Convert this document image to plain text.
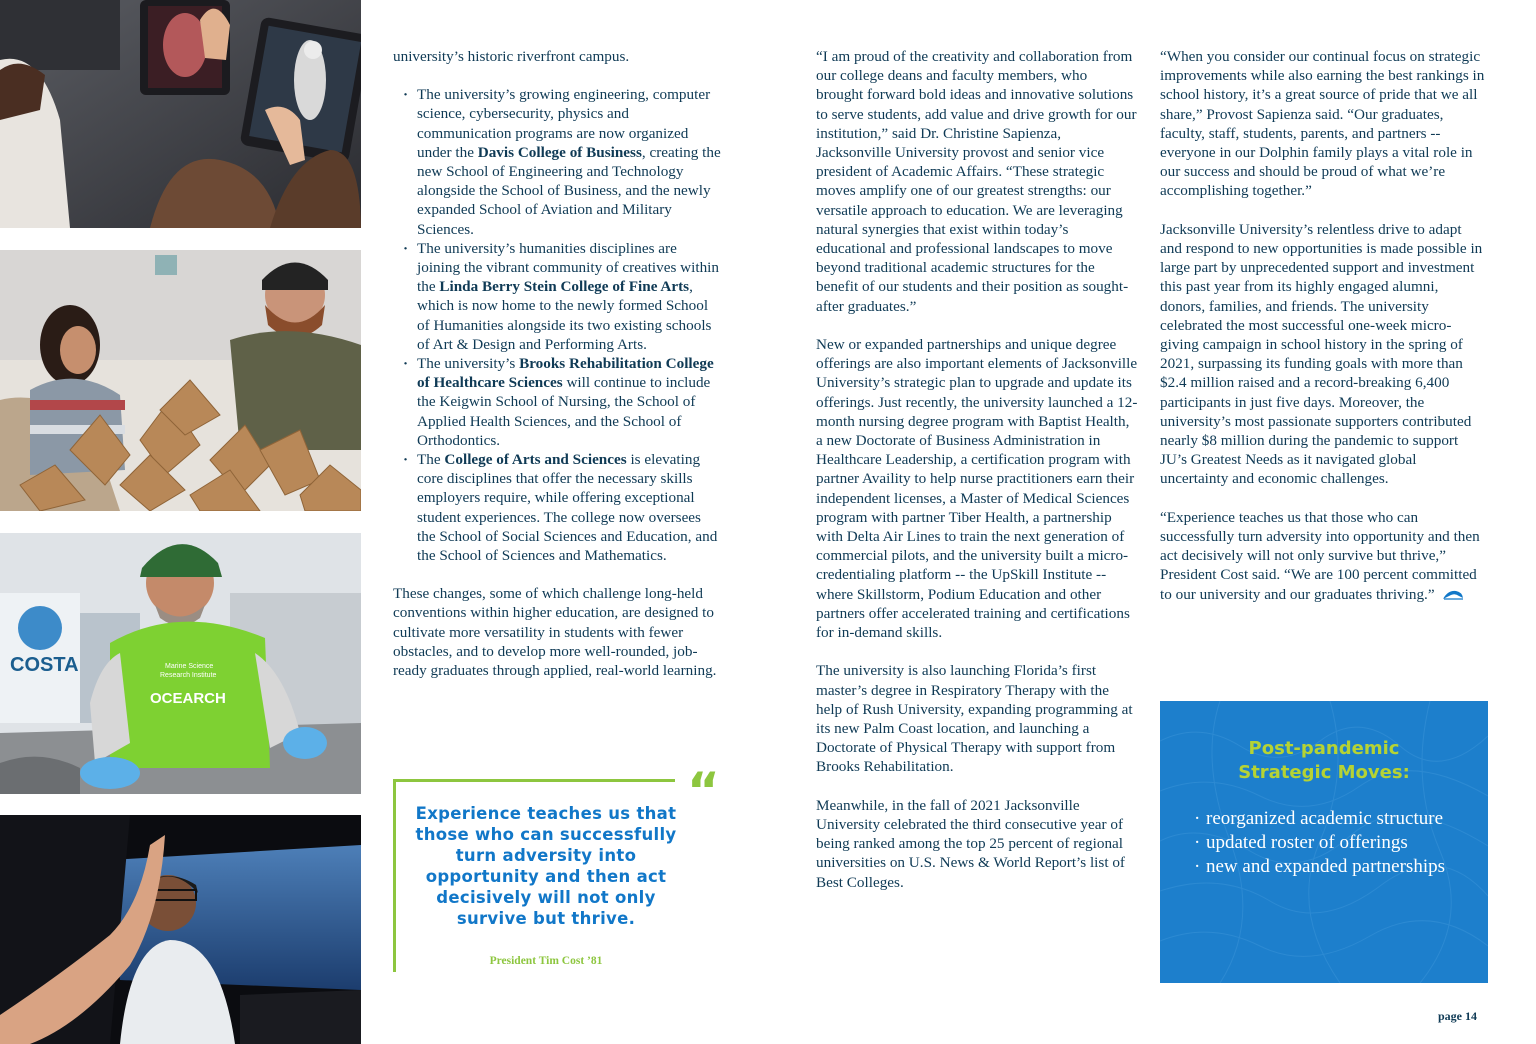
COSTA	Marine Science
Research Institute
OCEARCH

university’s historic riverfront campus.

· The university’s growing engineering, computer science, cybersecurity, physics and communication programs are now organized under the Davis College of Business, creating the new School of Engineering and Technology alongside the School of Business, and the newly expanded School of Aviation and Military Sciences.
· The university’s humanities disciplines are joining the vibrant community of creatives within the Linda Berry Stein College of Fine Arts, which is now home to the newly formed School of Humanities alongside its two existing schools of Art & Design and Performing Arts.
· The university’s Brooks Rehabilitation College of Healthcare Sciences will continue to include the Keigwin School of Nursing, the School of Applied Health Sciences, and the School of Orthodontics.
· The College of Arts and Sciences is elevating core disciplines that offer the necessary skills employers require, while offering exceptional student experiences. The college now oversees the School of Social Sciences and Education, and the School of Sciences and Mathematics.

These changes, some of which challenge long-held conventions within higher education, are designed to cultivate more versatility in students with fewer obstacles, and to develop more well-rounded, job-ready graduates through applied, real-world learning.

“
Experience teaches us that those who can successfully turn adversity into opportunity and then act decisively will not only survive but thrive.
President Tim Cost ’81

“I am proud of the creativity and collaboration from our college deans and faculty members, who brought forward bold ideas and innovative solutions to serve students, add value and drive growth for our institution,” said Dr. Christine Sapienza, Jacksonville University provost and senior vice president of Academic Affairs. “These strategic moves amplify one of our greatest strengths: our versatile approach to education. We are leveraging natural synergies that exist within today’s educational and professional landscapes to move beyond traditional academic structures for the benefit of our students and their position as sought-after graduates.”

New or expanded partnerships and unique degree offerings are also important elements of Jacksonville University’s strategic plan to upgrade and update its offerings. Just recently, the university launched a 12-month nursing degree program with Baptist Health, a new Doctorate of Business Administration in Healthcare Leadership, a certification program with partner Availity to help nurse practitioners earn their independent licenses, a Master of Medical Sciences program with partner Tiber Health, a partnership with Delta Air Lines to train the next generation of commercial pilots, and the university built a micro-credentialing platform -- the UpSkill Institute -- where Skillstorm, Podium Education and other partners offer accelerated training and certifications for in-demand skills.

The university is also launching Florida’s first master’s degree in Respiratory Therapy with the help of Rush University, expanding programming at its new Palm Coast location, and launching a Doctorate of Physical Therapy with support from Brooks Rehabilitation.

Meanwhile, in the fall of 2021 Jacksonville University celebrated the third consecutive year of being ranked among the top 25 percent of regional universities on U.S. News & World Report’s list of Best Colleges.

“When you consider our continual focus on strategic improvements while also earning the best rankings in school history, it’s a great source of pride that we all share,” Provost Sapienza said. “Our graduates, faculty, staff, students, parents, and partners -- everyone in our Dolphin family plays a vital role in our success and should be proud of what we’re accomplishing together.”

Jacksonville University’s relentless drive to adapt and respond to new opportunities is made possible in large part by unprecedented support and investment this past year from its highly engaged alumni, donors, families, and friends. The university celebrated the most successful one-week micro-giving campaign in school history in the spring of 2021, surpassing its funding goals with more than $2.4 million raised and a record-breaking 6,400 participants in just five days. Moreover, the university’s most passionate supporters contributed nearly $8 million during the pandemic to support JU’s Greatest Needs as it navigated global uncertainty and economic challenges.

“Experience teaches us that those who can successfully turn adversity into opportunity and then act decisively will not only survive but thrive,” President Cost said. “We are 100 percent committed to our university and our graduates thriving.”

Post-pandemic
Strategic Moves:
· reorganized academic structure
· updated roster of offerings
· new and expanded partnerships
page 14
